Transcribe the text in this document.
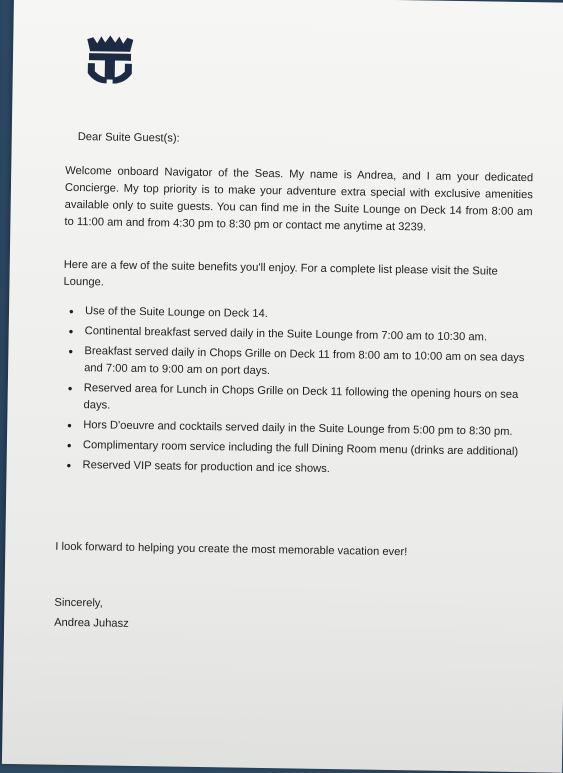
Dear Suite Guest(s):
Welcome onboard Navigator of the Seas. My name is Andrea, and I am your dedicated Concierge. My top priority is to make your adventure extra special with exclusive amenities available only to suite guests. You can find me in the Suite Lounge on Deck 14 from 8:00 am to 11:00 am and from 4:30 pm to 8:30 pm or contact me anytime at 3239.
Here are a few of the suite benefits you'll enjoy. For a complete list please visit the Suite Lounge.
• Use of the Suite Lounge on Deck 14.
• Continental breakfast served daily in the Suite Lounge from 7:00 am to 10:30 am.
• Breakfast served daily in Chops Grille on Deck 11 from 8:00 am to 10:00 am on sea days and 7:00 am to 9:00 am on port days.
• Reserved area for Lunch in Chops Grille on Deck 11 following the opening hours on sea days.
• Hors D'oeuvre and cocktails served daily in the Suite Lounge from 5:00 pm to 8:30 pm.
• Complimentary room service including the full Dining Room menu (drinks are additional)
• Reserved VIP seats for production and ice shows.
I look forward to helping you create the most memorable vacation ever!
Sincerely,
Andrea Juhasz
